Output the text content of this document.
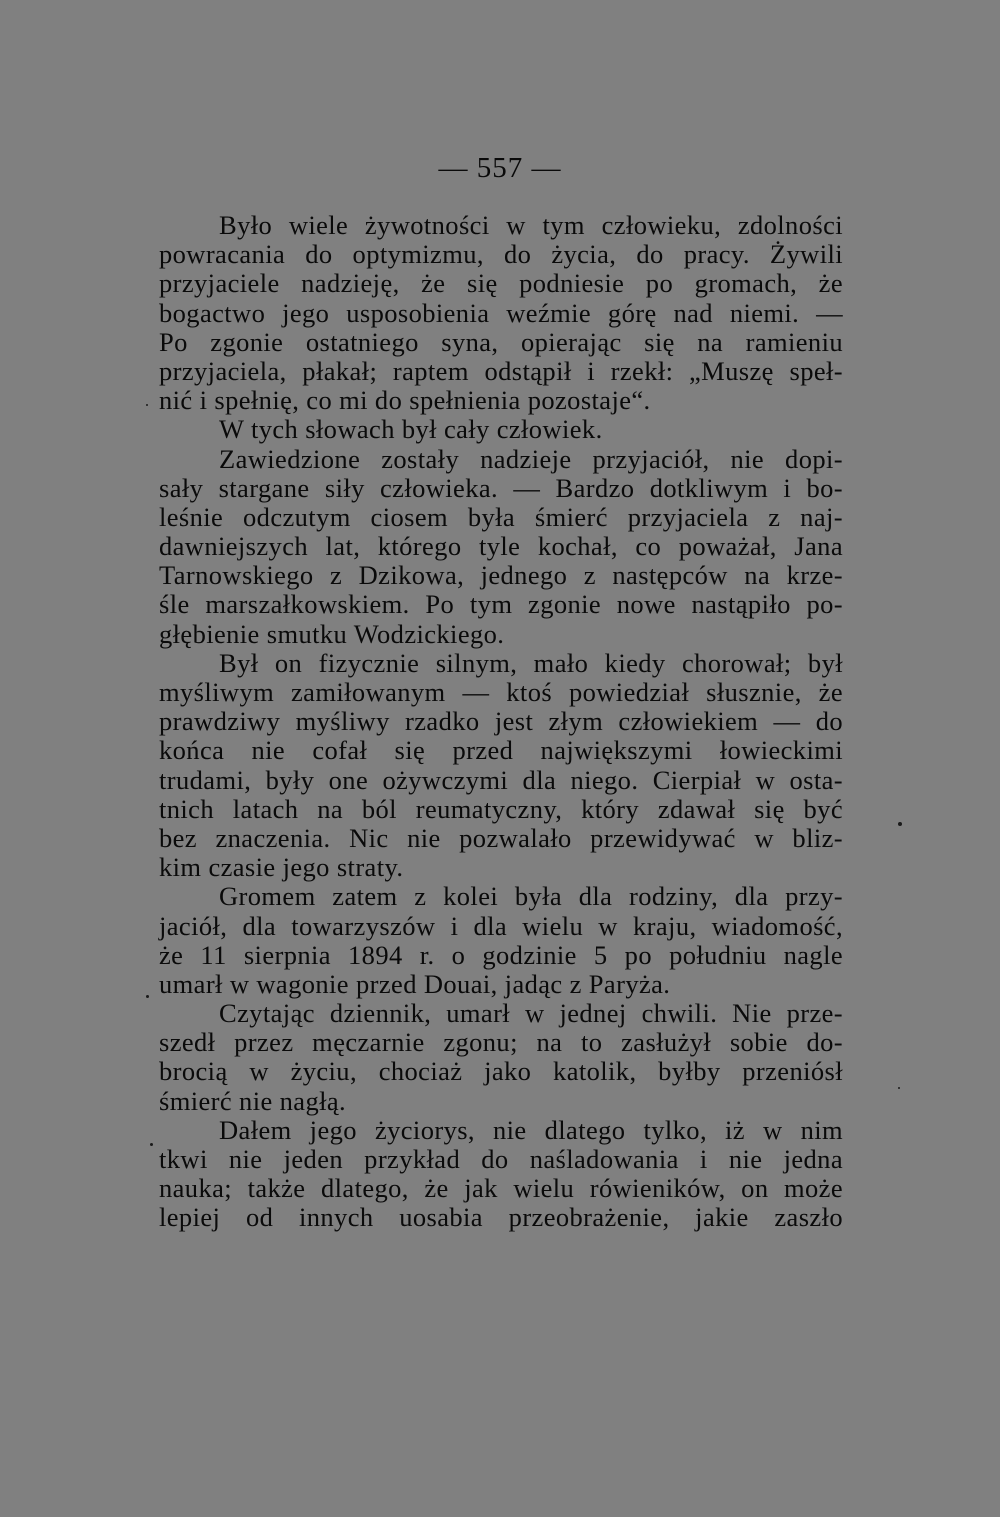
— 557 —
Było wiele żywotności w tym człowieku, zdolności
powracania do optymizmu, do życia, do pracy. Żywili
przyjaciele nadzieję, że się podniesie po gromach, że
bogactwo jego usposobienia weźmie górę nad niemi. —
Po zgonie ostatniego syna, opierając się na ramieniu
przyjaciela, płakał; raptem odstąpił i rzekł: „Muszę speł-
nić i spełnię, co mi do spełnienia pozostaje“.
W tych słowach był cały człowiek.
Zawiedzione zostały nadzieje przyjaciół, nie dopi-
sały stargane siły człowieka. — Bardzo dotkliwym i bo-
leśnie odczutym ciosem była śmierć przyjaciela z naj-
dawniejszych lat, którego tyle kochał, co poważał, Jana
Tarnowskiego z Dzikowa, jednego z następców na krze-
śle marszałkowskiem. Po tym zgonie nowe nastąpiło po-
głębienie smutku Wodzickiego.
Był on fizycznie silnym, mało kiedy chorował; był
myśliwym zamiłowanym — ktoś powiedział słusznie, że
prawdziwy myśliwy rzadko jest złym człowiekiem — do
końca nie cofał się przed największymi łowieckimi
trudami, były one ożywczymi dla niego. Cierpiał w osta-
tnich latach na ból reumatyczny, który zdawał się być
bez znaczenia. Nic nie pozwalało przewidywać w bliz-
kim czasie jego straty.
Gromem zatem z kolei była dla rodziny, dla przy-
jaciół, dla towarzyszów i dla wielu w kraju, wiadomość,
że 11 sierpnia 1894 r. o godzinie 5 po południu nagle
umarł w wagonie przed Douai, jadąc z Paryża.
Czytając dziennik, umarł w jednej chwili. Nie prze-
szedł przez męczarnie zgonu; na to zasłużył sobie do-
brocią w życiu, chociaż jako katolik, byłby przeniósł
śmierć nie nagłą.
Dałem jego życiorys, nie dlatego tylko, iż w nim
tkwi nie jeden przykład do naśladowania i nie jedna
nauka; także dlatego, że jak wielu rówieników, on może
lepiej od innych uosabia przeobrażenie, jakie zaszło
